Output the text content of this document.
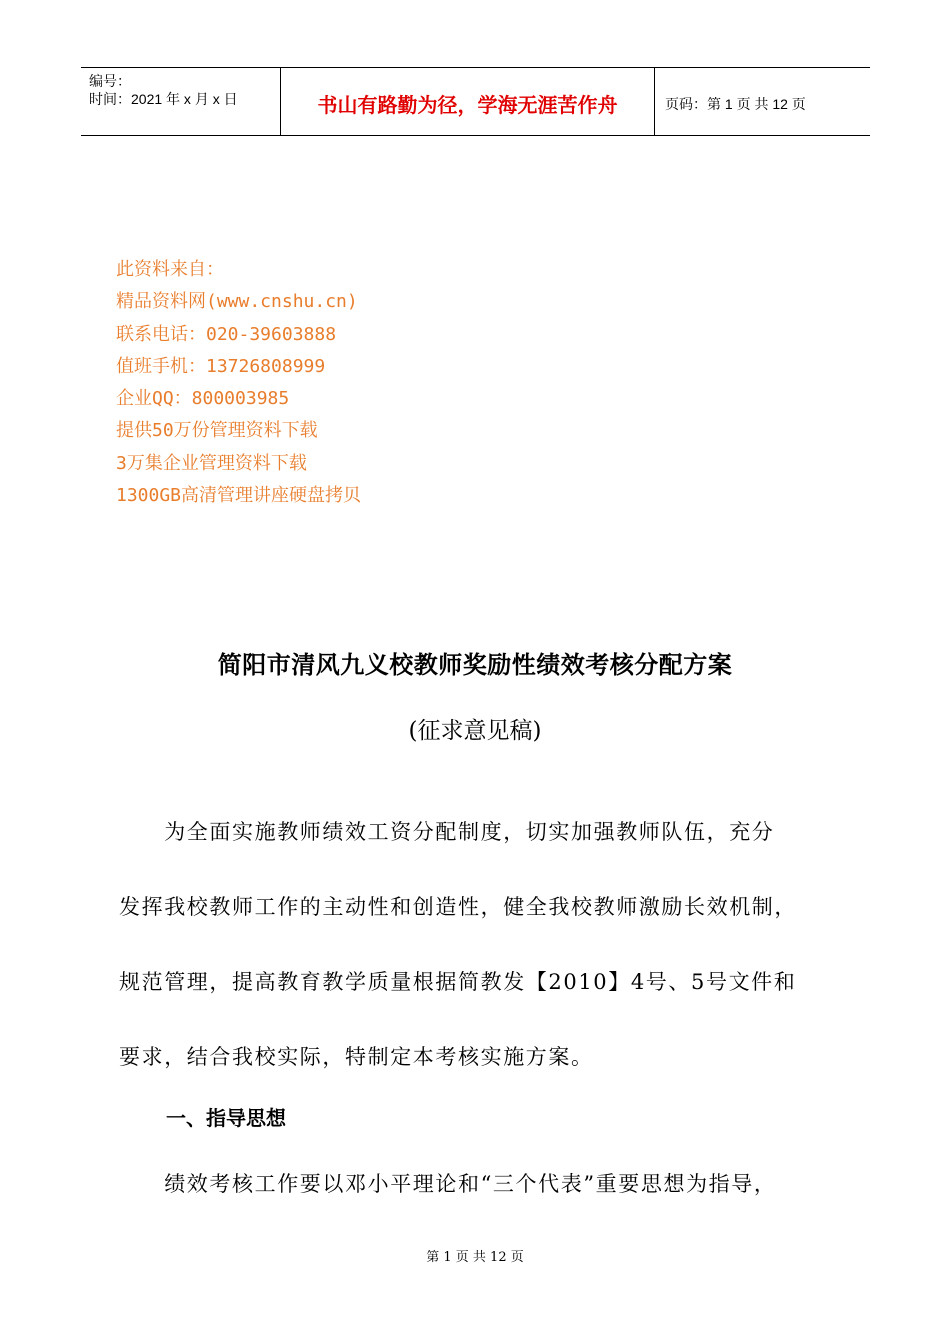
编号：
时间：2021 年 x 月 x 日	书山有路勤为径，学海无涯苦作舟	页码：第 1 页 共 12 页
此资料来自：
精品资料网(www.cnshu.cn)
联系电话：020-39603888
值班手机：13726808999
企业QQ：800003985
提供50万份管理资料下载
3万集企业管理资料下载
1300GB高清管理讲座硬盘拷贝
简阳市清风九义校教师奖励性绩效考核分配方案
(征求意见稿)
　　为全面实施教师绩效工资分配制度，切实加强教师队伍，充分
发挥我校教师工作的主动性和创造性，健全我校教师激励长效机制，
规范管理，提高教育教学质量根据简教发【2010】4号、5号文件和
要求，结合我校实际，特制定本考核实施方案。
一、指导思想
　　绩效考核工作要以邓小平理论和“三个代表”重要思想为指导，
第 1 页 共 12 页
